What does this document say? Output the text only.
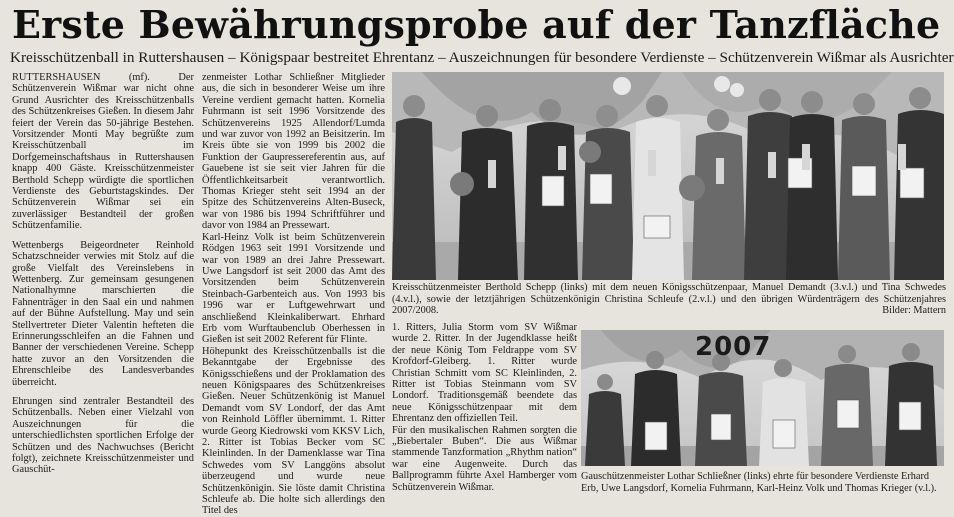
Erste Bewährungsprobe auf der Tanzfläche
Kreisschützenball in Ruttershausen – Königspaar bestreitet Ehrentanz – Auszeichnungen für besondere Verdienste – Schützenverein Wißmar als Ausrichter

RUTTERSHAUSEN (mf).	Der Schützenverein Wißmar war nicht ohne Grund Ausrichter des Kreisschützenballs des Schützenkreises Gießen. In diesem Jahr feiert der Verein das 50-jährige Bestehen. Vorsitzender Monti May begrüßte zum Kreisschützenball im Dorfgemeinschaftshaus in Ruttershausen knapp 400 Gäste. Kreisschützenmeister Berthold Schepp würdigte die sportlichen Verdienste des Geburtstagskindes. Der Schützenverein Wißmar sei ein zuverlässiger Bestandteil der großen Schützenfamilie.

Wettenbergs Beigeordneter Reinhold Schatzschneider verwies mit Stolz auf die große Vielfalt des Vereinslebens in Wettenberg. Zur gemeinsam gesungenen Nationalhymne marschierten die Fahnenträger in den Saal ein und nahmen auf der Bühne Aufstellung. May und sein Stellvertreter Dieter Valentin hefteten die Erinnerungsschleifen an die Fahnen und Banner der verschiedenen Vereine. Schepp hatte zuvor an den Vorsitzenden die Ehrenschleibe des Landesverbandes überreicht.

Ehrungen sind zentraler Bestandteil des Schützenballs. Neben einer Vielzahl von Auszeichnungen für die unterschiedlichsten sportlichen Erfolge der Schützen und des Nachwuchses (Bericht folgt), zeichnete Kreisschützenmeister und Gauschüt-

zenmeister Lothar Schließner Mitglieder aus, die sich in besonderer Weise um ihre Vereine verdient gemacht hatten. Kornelia Fuhrmann ist seit 1996 Vorsitzende des Schützenvereins 1925 Allendorf/Lumda und war zuvor von 1992 an Beisitzerin. Im Kreis übte sie von 1999 bis 2002 die Funktion der Gaupressereferentin aus, auf Gauebene ist sie seit vier Jahren für die Öffentlichkeitsarbeit verantwortlich. Thomas Krieger steht seit 1994 an der Spitze des Schützenvereins Alten-Buseck, war von 1986 bis 1994 Schriftführer und davor von 1984 an Pressewart.

Karl-Heinz Volk ist beim Schützenverein Rödgen 1963 seit 1991 Vorsitzende und war von 1989 an drei Jahre Pressewart. Uwe Langsdorf ist seit 2000 das Amt des Vorsitzenden beim Schützenverein Steinbach-Garbenteich aus. Von 1993 bis 1996 war er Luftgewehrwart und anschließend Kleinkaliberwart. Ehrhard Erb vom Wurftaubenclub Oberhessen in Gießen ist seit 2002 Referent für Flinte.

Höhepunkt des Kreisschützenballs ist die Bekanntgabe der Ergebnisse des Königsschießens und der Proklamation des neuen Königspaares des Schützenkreises Gießen. Neuer Schützenkönig ist Manuel Demandt vom SV Londorf, der das Amt von Reinhold Löffler übernimmt. 1. Ritter wurde Georg Kiedrowski vom KKSV Lich, 2. Ritter ist Tobias Becker vom SC Kleinlinden. In der Damenklasse war Tina Schwedes vom SV Langgöns absolut überzeugend und wurde neue Schützenkönigin. Sie löste damit Christina Schleufe ab. Die holte sich allerdings den Titel des

Kreisschützenmeister Berthold Schepp (links) mit dem neuen Königsschützenpaar, Manuel Demandt (3.v.l.) und Tina Schwedes (4.v.l.), sowie der letztjährigen Schützenkönigin Christina Schleufe (2.v.l.) und den übrigen Würdenträgern des Schützenjahres 2007/2008.	Bilder: Mattern

1. Ritters, Julia Storm vom SV Wißmar wurde 2. Ritter. In der Jugendklasse heißt der neue König Tom Feldrappe vom SV Krofdorf-Gleiberg. 1. Ritter wurde Christian Schmitt vom SC Kleinlinden, 2. Ritter ist Tobias Steinmann vom SV Londorf. Traditionsgemäß beendete das neue Königsschützenpaar mit dem Ehrentanz den offiziellen Teil.

Für den musikalischen Rahmen sorgten die „Biebertaler Buben“. Die aus Wißmar stammende Tanzformation „Rhythm nation“ war eine Augenweite. Durch das Ballprogramm führte Axel Hamberger vom Schützenverein Wißmar.

2007
Gauschützenmeister Lothar Schließner (links) ehrte für besondere Verdienste Erhard Erb, Uwe Langsdorf, Kornelia Fuhrmann, Karl-Heinz Volk und Thomas Krieger (v.l.).
